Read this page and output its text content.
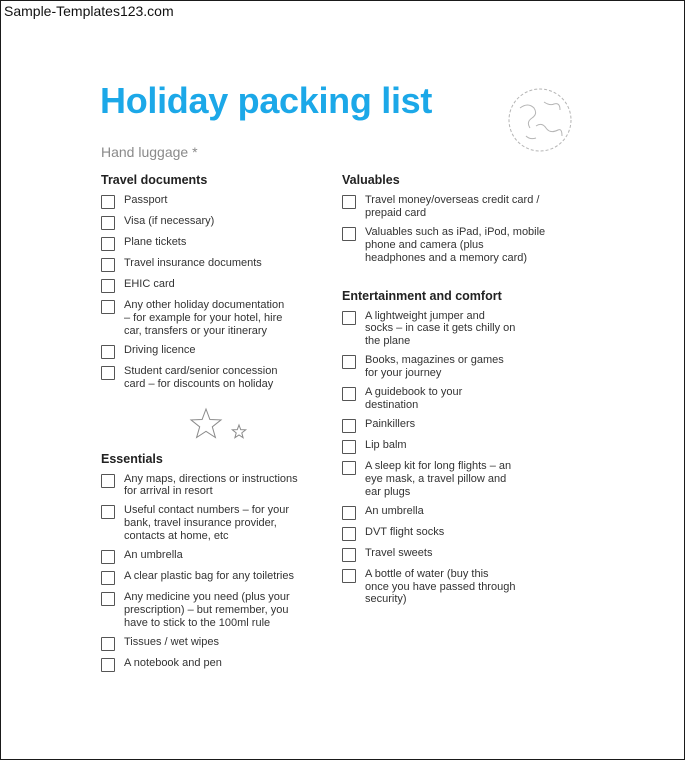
Sample-Templates123.com
Holiday packing list
Hand luggage *
Travel documents
Passport
Visa (if necessary)
Plane tickets
Travel insurance documents
EHIC card
Any other holiday documentation
– for example for your hotel, hire
car, transfers or your itinerary
Driving licence
Student card/senior concession
card – for discounts on holiday
Essentials
Any maps, directions or instructions
for arrival in resort
Useful contact numbers – for your
bank, travel insurance provider,
contacts at home, etc
An umbrella
A clear plastic bag for any toiletries
Any medicine you need (plus your
prescription) – but remember, you
have to stick to the 100ml rule
Tissues / wet wipes
A notebook and pen
Valuables
Travel money/overseas credit card /
prepaid card
Valuables such as iPad, iPod, mobile
phone and camera (plus
headphones and a memory card)
Entertainment and comfort
A lightweight jumper and
socks – in case it gets chilly on
the plane
Books, magazines or games
for your journey
A guidebook to your
destination
Painkillers
Lip balm
A sleep kit for long flights – an
eye mask, a travel pillow and
ear plugs
An umbrella
DVT flight socks
Travel sweets
A bottle of water (buy this
once you have passed through
security)
